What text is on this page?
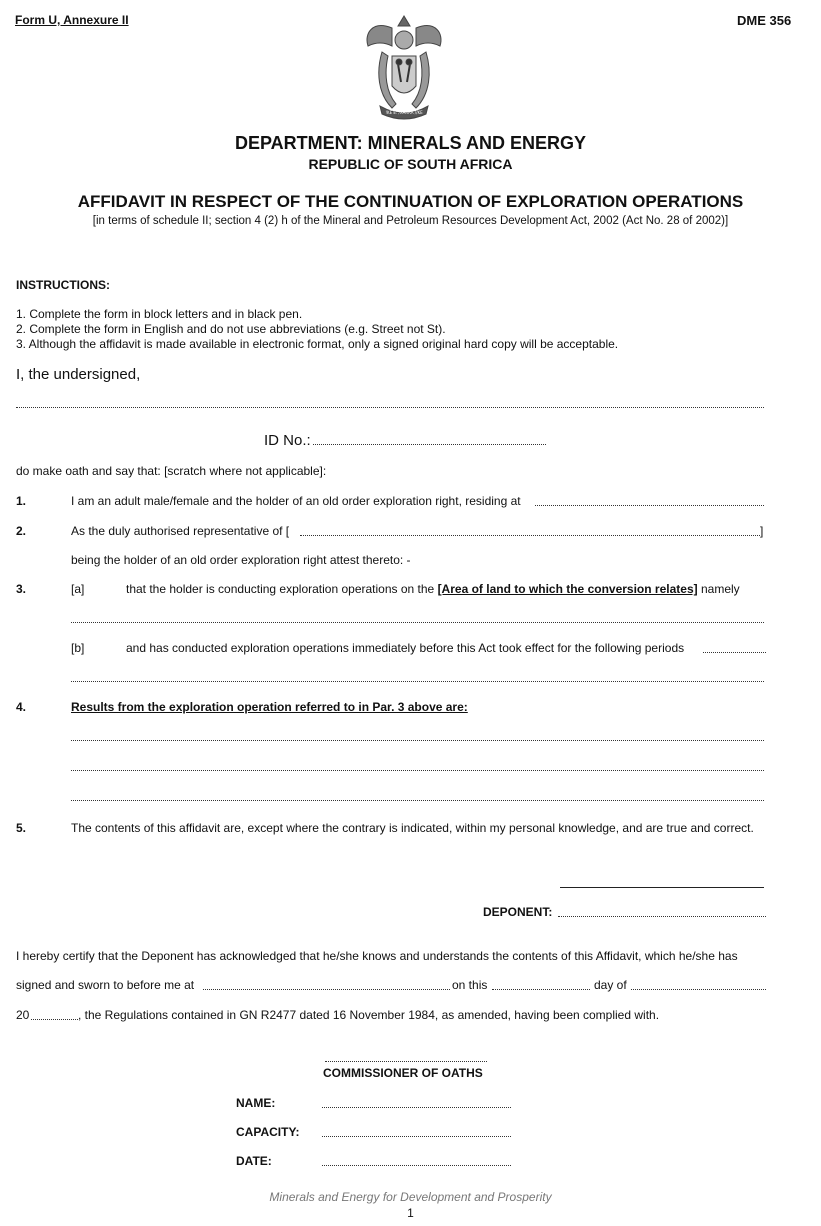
Form U, Annexure II	DME 356
!KE E: /XARRA //KE
DEPARTMENT: MINERALS AND ENERGY
REPUBLIC OF SOUTH AFRICA
AFFIDAVIT IN RESPECT OF THE CONTINUATION OF EXPLORATION OPERATIONS
[in terms of schedule II; section 4 (2) h of the Mineral and Petroleum Resources Development Act, 2002 (Act No. 28 of 2002)]
INSTRUCTIONS:
1. Complete the form in block letters and in black pen.
2. Complete the form in English and do not use abbreviations (e.g. Street not St).
3. Although the affidavit is made available in electronic format, only a signed original hard copy will be acceptable.
I, the undersigned,
ID No.:
do make oath and say that: [scratch where not applicable]:
1.	I am an adult male/female and the holder of an old order exploration right, residing at
2.	As the duly authorised representative of [	]
being the holder of an old order exploration right attest thereto: -
3.	[a]	that the holder is conducting exploration operations on the [Area of land to which the conversion relates] namely
[b]	and has conducted exploration operations immediately before this Act took effect for the following periods
4.	Results from the exploration operation referred to in Par. 3 above are:
5.	The contents of this affidavit are, except where the contrary is indicated, within my personal knowledge, and are true and correct.
DEPONENT:
I hereby certify that the Deponent has acknowledged that he/she knows and understands the contents of this Affidavit, which he/she has
signed and sworn to before me at	on this	day of
20	, the Regulations contained in GN R2477 dated 16 November 1984, as amended, having been complied with.
COMMISSIONER OF OATHS
NAME:
CAPACITY:
DATE:
Minerals and Energy for Development and Prosperity
1
